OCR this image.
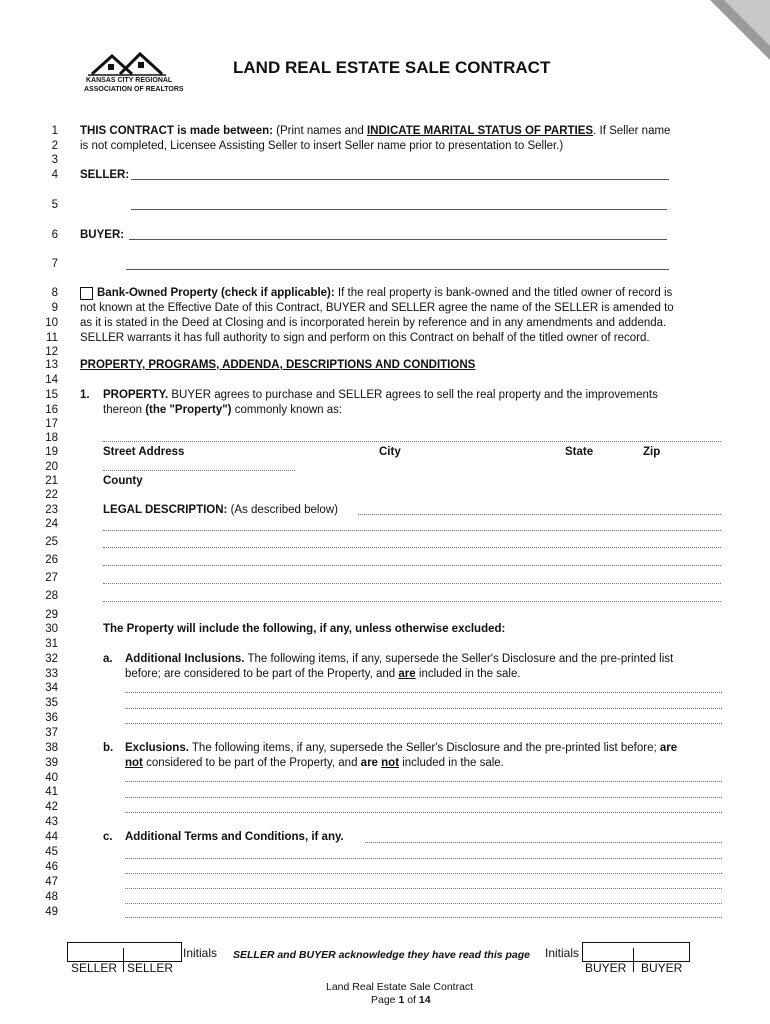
KANSAS CITY REGIONAL
ASSOCIATION OF REALTORS
LAND REAL ESTATE SALE CONTRACT
1
2
3
4
5
6
7
8
9
10
11
12
13
14
15
16
17
18
19
20
21
22
23
24
25
26
27
28
29
30
31
32
33
34
35
36
37
38
39
40
41
42
43
44
45
46
47
48
49
THIS CONTRACT is made between: (Print names and INDICATE MARITAL STATUS OF PARTIES. If Seller name
is not completed, Licensee Assisting Seller to insert Seller name prior to presentation to Seller.)
SELLER:
BUYER:
Bank-Owned Property (check if applicable): If the real property is bank-owned and the titled owner of record is
not known at the Effective Date of this Contract, BUYER and SELLER agree the name of the SELLER is amended to
as it is stated in the Deed at Closing and is incorporated herein by reference and in any amendments and addenda.
SELLER warrants it has full authority to sign and perform on this Contract on behalf of the titled owner of record.
PROPERTY, PROGRAMS, ADDENDA, DESCRIPTIONS AND CONDITIONS
1. PROPERTY. BUYER agrees to purchase and SELLER agrees to sell the real property and the improvements
thereon (the "Property") commonly known as:
Street Address	City	State	Zip
County
LEGAL DESCRIPTION: (As described below)
The Property will include the following, if any, unless otherwise excluded:
a. Additional Inclusions. The following items, if any, supersede the Seller's Disclosure and the pre-printed list
before; are considered to be part of the Property, and are included in the sale.
b. Exclusions. The following items, if any, supersede the Seller's Disclosure and the pre-printed list before; are
not considered to be part of the Property, and are not included in the sale.
c. Additional Terms and Conditions, if any.
Initials SELLER and BUYER acknowledge they have read this page Initials
SELLER SELLER	BUYER BUYER
Land Real Estate Sale Contract
Page 1 of 14
